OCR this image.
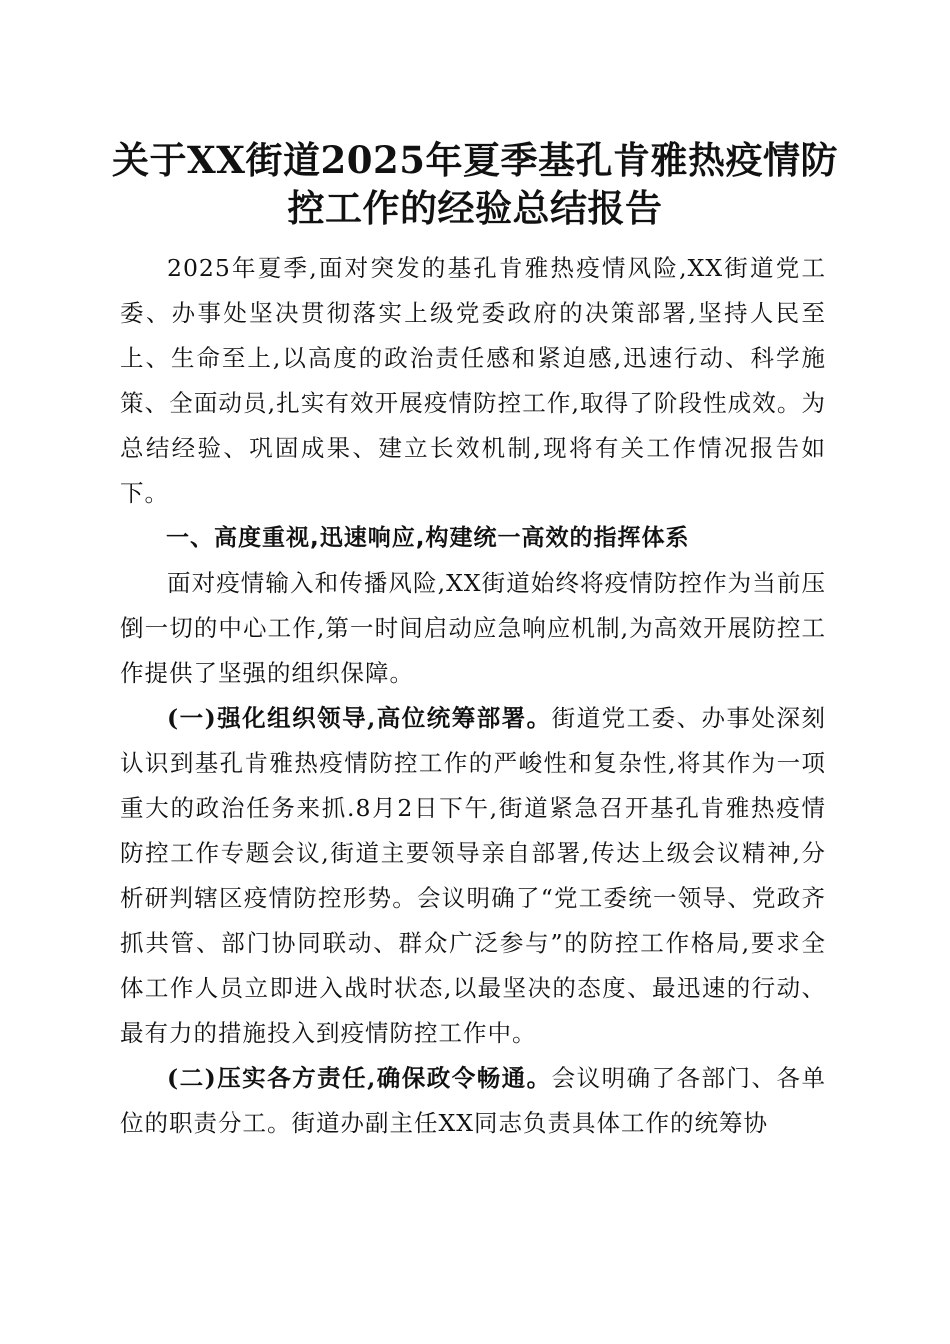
关于XX街道2025年夏季基孔肯雅热疫情防
控工作的经验总结报告

2025年夏季,面对突发的基孔肯雅热疫情风险,XX街道党工委、办事处坚决贯彻落实上级党委政府的决策部署,坚持人民至上、生命至上,以高度的政治责任感和紧迫感,迅速行动、科学施策、全面动员,扎实有效开展疫情防控工作,取得了阶段性成效。为总结经验、巩固成果、建立长效机制,现将有关工作情况报告如下。

一、高度重视,迅速响应,构建统一高效的指挥体系

面对疫情输入和传播风险,XX街道始终将疫情防控作为当前压倒一切的中心工作,第一时间启动应急响应机制,为高效开展防控工作提供了坚强的组织保障。

(一)强化组织领导,高位统筹部署。街道党工委、办事处深刻认识到基孔肯雅热疫情防控工作的严峻性和复杂性,将其作为一项重大的政治任务来抓.8月2日下午,街道紧急召开基孔肯雅热疫情防控工作专题会议,街道主要领导亲自部署,传达上级会议精神,分析研判辖区疫情防控形势。会议明确了“党工委统一领导、党政齐抓共管、部门协同联动、群众广泛参与”的防控工作格局,要求全体工作人员立即进入战时状态,以最坚决的态度、最迅速的行动、最有力的措施投入到疫情防控工作中。

(二)压实各方责任,确保政令畅通。会议明确了各部门、各单位的职责分工。街道办副主任XX同志负责具体工作的统筹协
